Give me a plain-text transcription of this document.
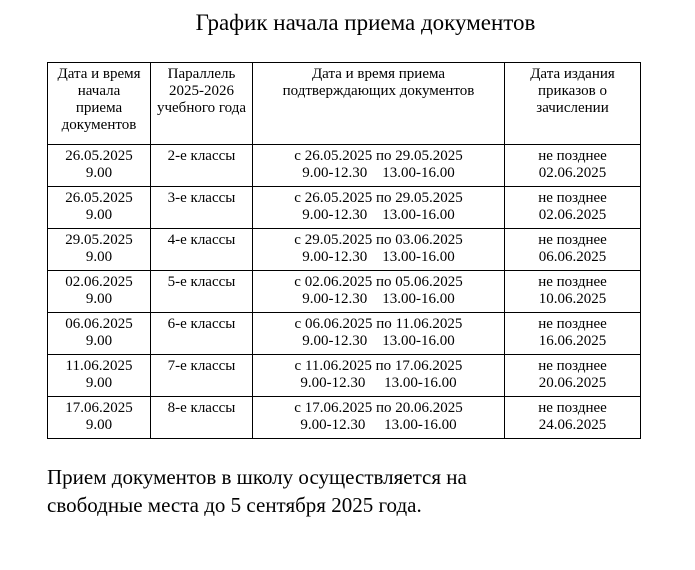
График начала приема документов
Дата и время
начала
приема
документов	Параллель
2025-2026
учебного года	Дата и время приема
подтверждающих документов	Дата издания
приказов о
зачислении

26.05.2025
9.00	2-е классы	с 26.05.2025 по 29.05.2025
9.00-12.30    13.00-16.00	не позднее
02.06.2025

26.05.2025
9.00	3-е классы	с 26.05.2025 по 29.05.2025
9.00-12.30    13.00-16.00	не позднее
02.06.2025

29.05.2025
9.00	4-е классы	с 29.05.2025 по 03.06.2025
9.00-12.30    13.00-16.00	не позднее
06.06.2025

02.06.2025
9.00	5-е классы	с 02.06.2025 по 05.06.2025
9.00-12.30    13.00-16.00	не позднее
10.06.2025

06.06.2025
9.00	6-е классы	с 06.06.2025 по 11.06.2025
9.00-12.30    13.00-16.00	не позднее
16.06.2025

11.06.2025
9.00	7-е классы	с 11.06.2025 по 17.06.2025
9.00-12.30     13.00-16.00	не позднее
20.06.2025

17.06.2025
9.00	8-е классы	с 17.06.2025 по 20.06.2025
9.00-12.30     13.00-16.00	не позднее
24.06.2025
Прием документов в школу осуществляется на
свободные места до 5 сентября 2025 года.
